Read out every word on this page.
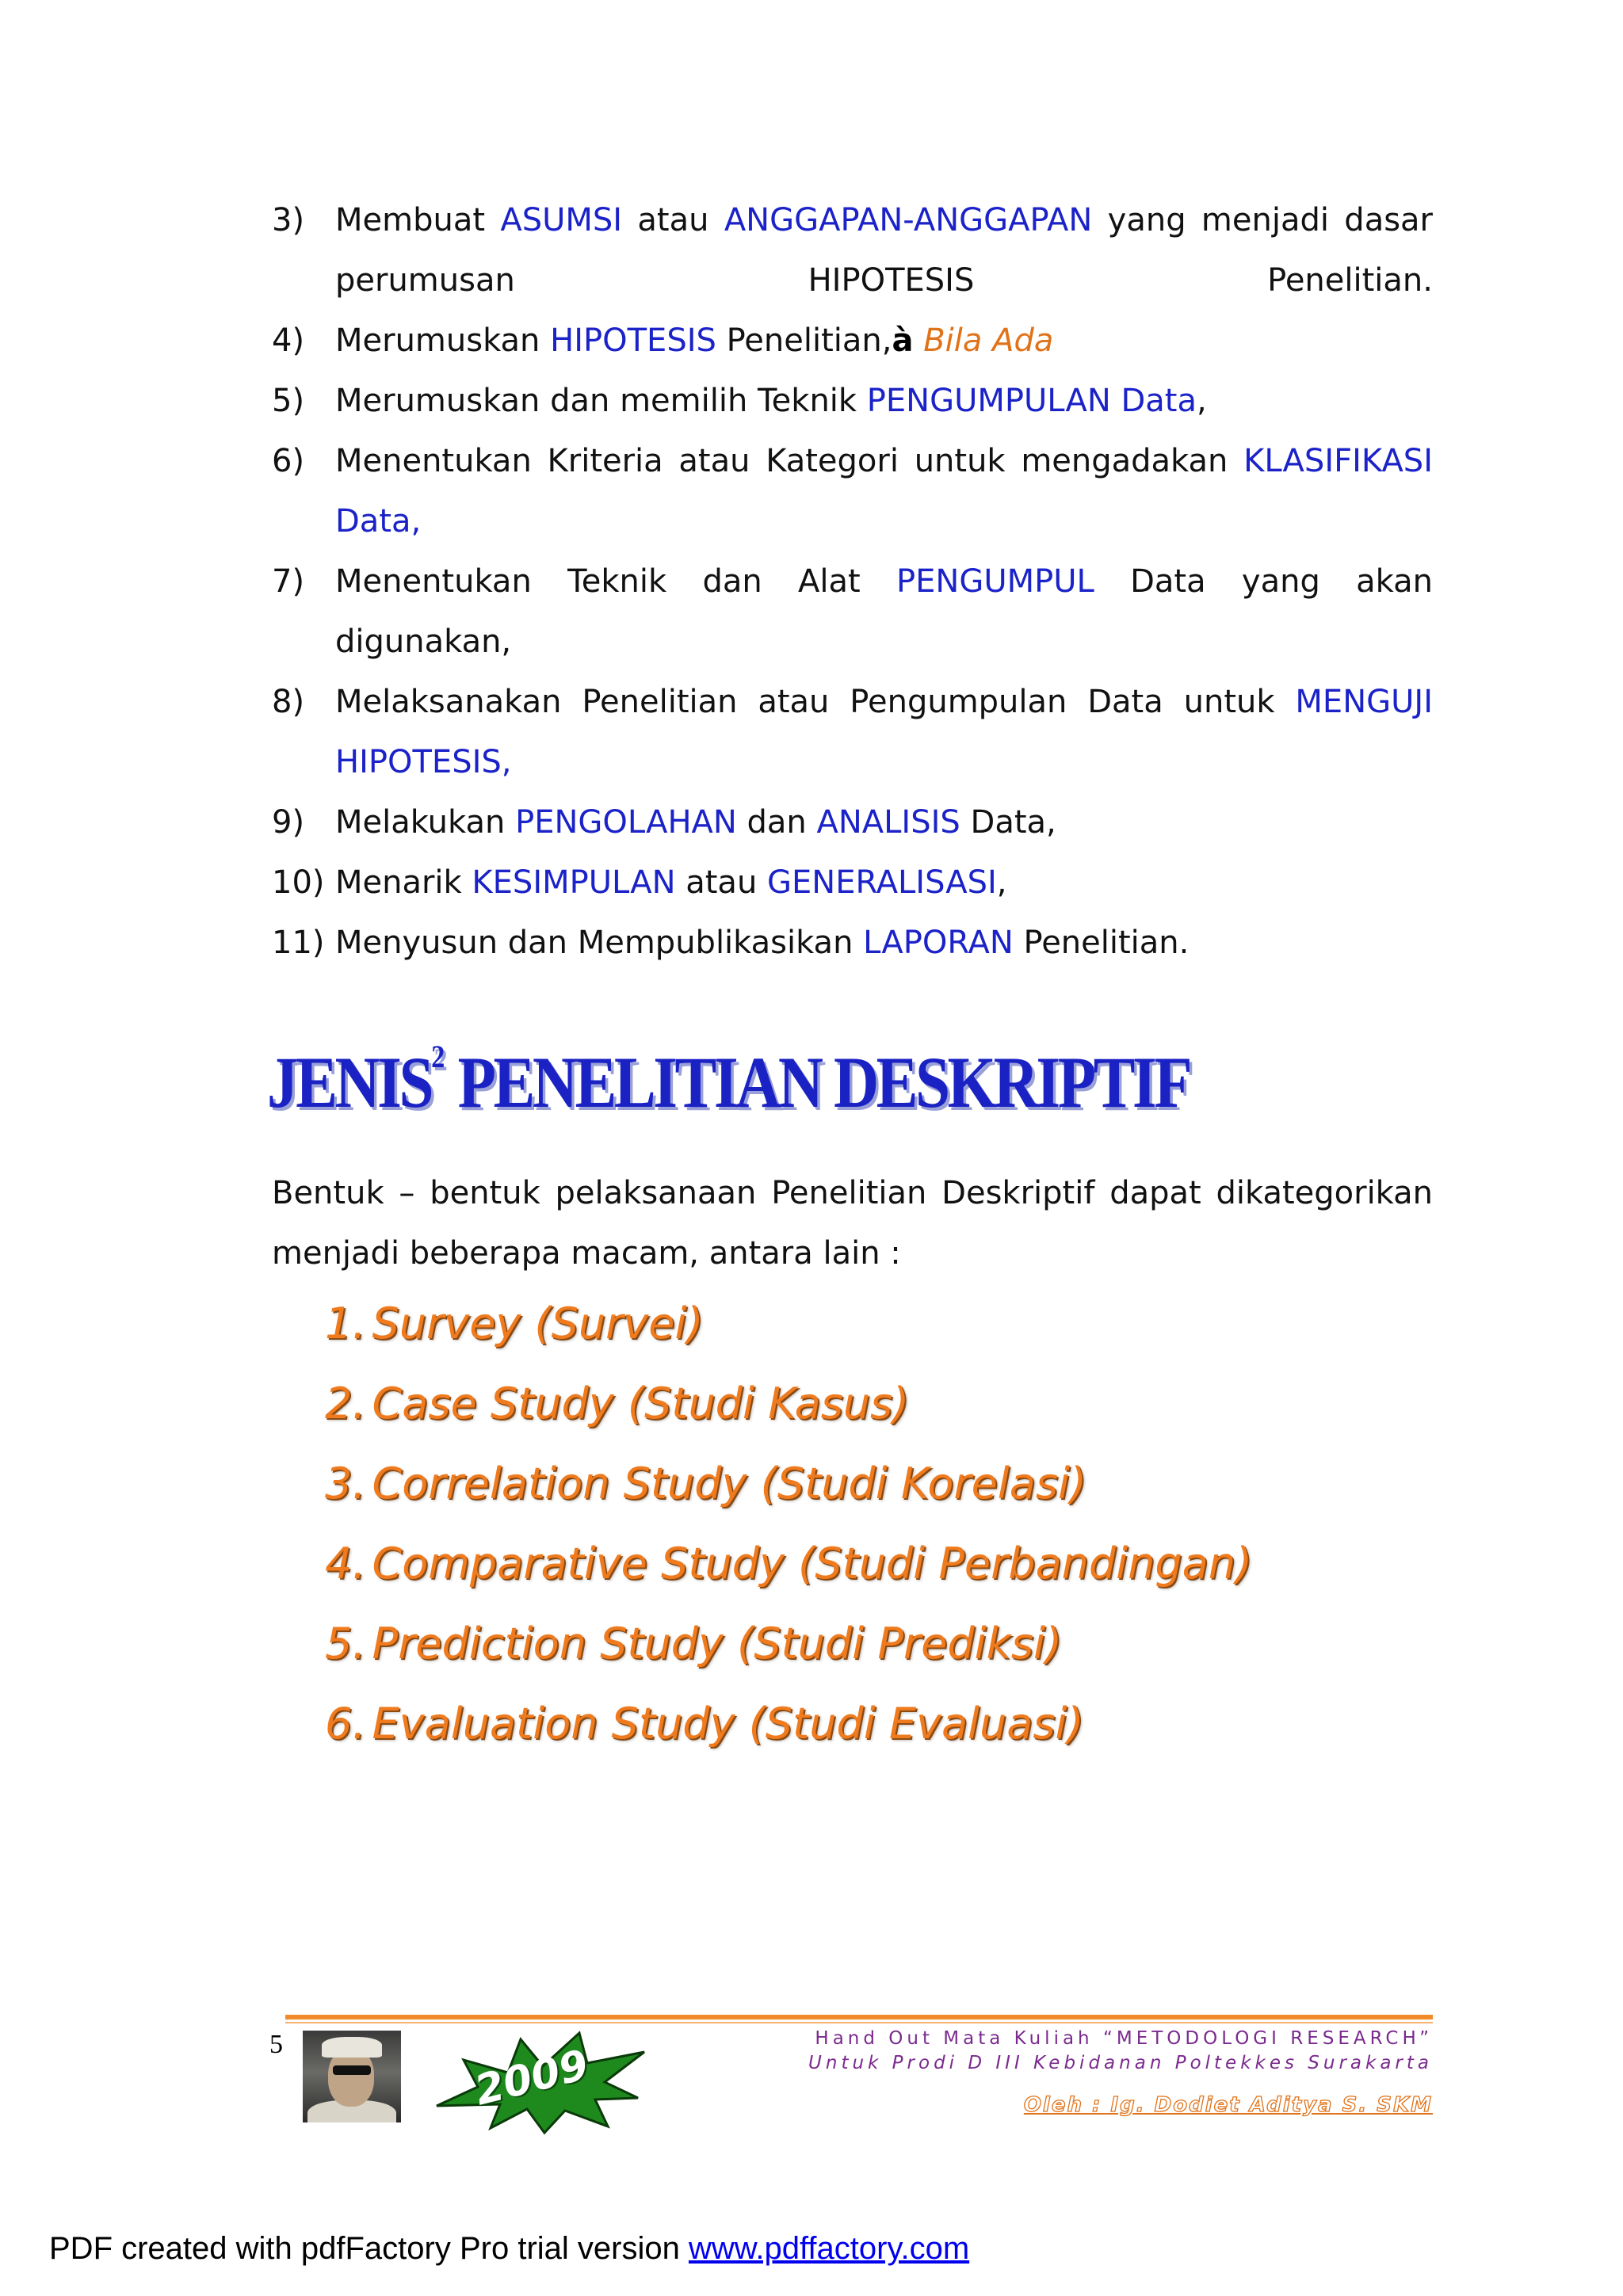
3) Membuat ASUMSI atau ANGGAPAN-ANGGAPAN yang menjadi dasar perumusan HIPOTESIS Penelitian.
4) Merumuskan HIPOTESIS Penelitian,à Bila Ada
5) Merumuskan dan memilih Teknik PENGUMPULAN Data,
6) Menentukan Kriteria atau Kategori untuk mengadakan KLASIFIKASI Data,
7) Menentukan Teknik dan Alat PENGUMPUL Data yang akan digunakan,
8) Melaksanakan Penelitian atau Pengumpulan Data untuk MENGUJI HIPOTESIS,
9) Melakukan PENGOLAHAN dan ANALISIS Data,
10) Menarik KESIMPULAN atau GENERALISASI,
11) Menyusun dan Mempublikasikan LAPORAN Penelitian.
JENIS$^2$ PENELITIAN DESKRIPTIF
Bentuk – bentuk pelaksanaan Penelitian Deskriptif dapat dikategorikan
menjadi beberapa macam, antara lain :
1. Survey (Survei)
2. Case Study (Studi Kasus)
3. Correlation Study (Studi Korelasi)
4. Comparative Study (Studi Perbandingan)
5. Prediction Study (Studi Prediksi)
6. Evaluation Study (Studi Evaluasi)
5	2009
Hand Out Mata Kuliah “METODOLOGI RESEARCH”
Untuk Prodi D III Kebidanan Poltekkes Surakarta
Oleh : Ig. Dodiet Aditya S. SKM
PDF created with pdfFactory Pro trial version www.pdffactory.com
